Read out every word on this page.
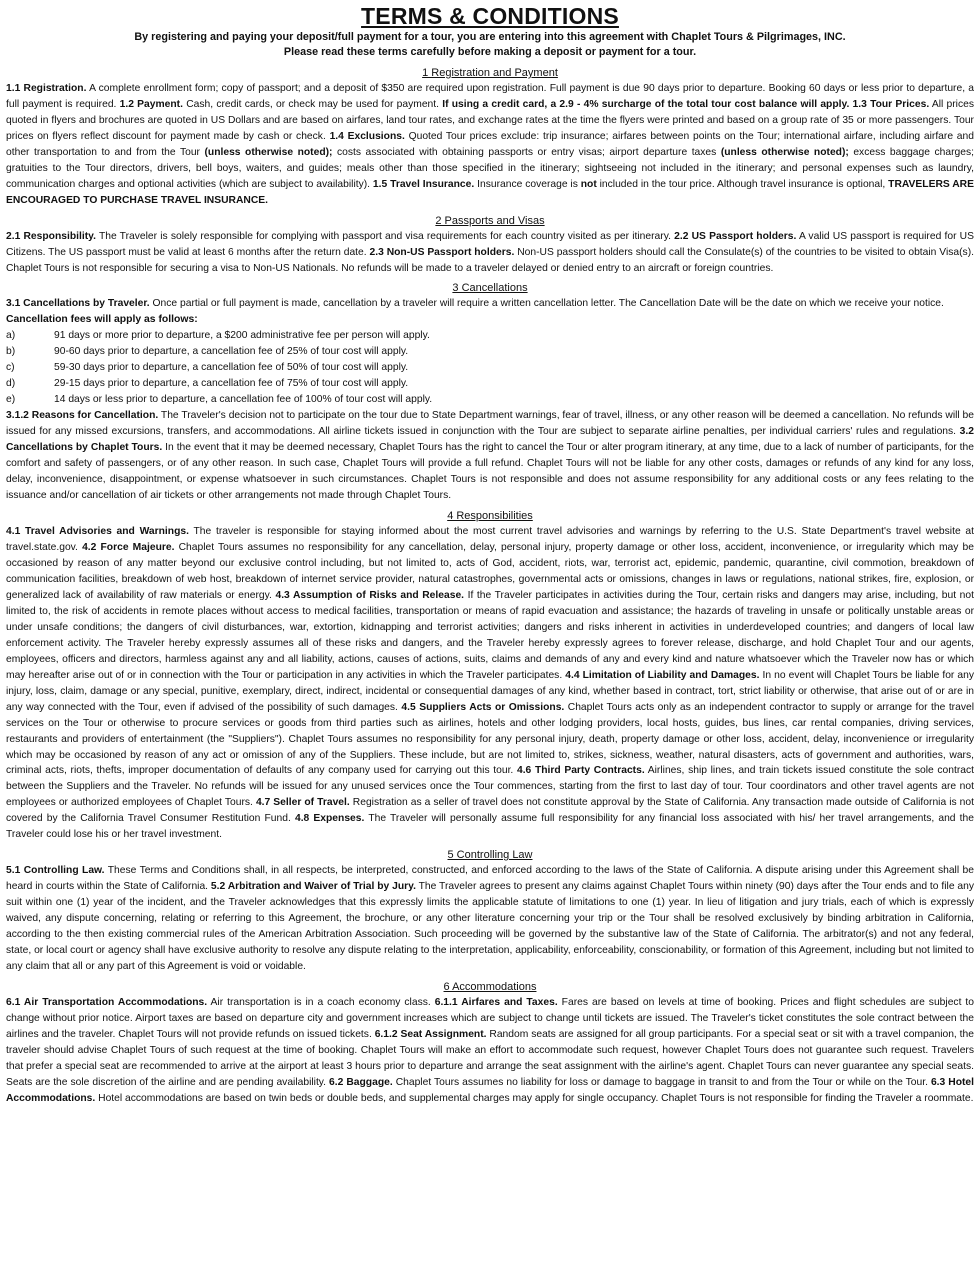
TERMS & CONDITIONS
By registering and paying your deposit/full payment for a tour, you are entering into this agreement with Chaplet Tours & Pilgrimages, INC.
Please read these terms carefully before making a deposit or payment for a tour.
1 Registration and Payment

1.1 Registration. A complete enrollment form; copy of passport; and a deposit of $350 are required upon registration. Full payment is due 90 days prior to departure. Booking 60 days or less prior to departure, a full payment is required. 1.2 Payment. Cash, credit cards, or check may be used for payment. If using a credit card, a 2.9 - 4% surcharge of the total tour cost balance will apply. 1.3 Tour Prices. All prices quoted in flyers and brochures are quoted in US Dollars and are based on airfares, land tour rates, and exchange rates at the time the flyers were printed and based on a group rate of 35 or more passengers. Tour prices on flyers reflect discount for payment made by cash or check. 1.4 Exclusions. Quoted Tour prices exclude: trip insurance; airfares between points on the Tour; international airfare, including airfare and other transportation to and from the Tour (unless otherwise noted); costs associated with obtaining passports or entry visas; airport departure taxes (unless otherwise noted); excess baggage charges; gratuities to the Tour directors, drivers, bell boys, waiters, and guides; meals other than those specified in the itinerary; sightseeing not included in the itinerary; and personal expenses such as laundry, communication charges and optional activities (which are subject to availability). 1.5 Travel Insurance. Insurance coverage is not included in the tour price. Although travel insurance is optional, TRAVELERS ARE ENCOURAGED TO PURCHASE TRAVEL INSURANCE.

2 Passports and Visas

2.1 Responsibility. The Traveler is solely responsible for complying with passport and visa requirements for each country visited as per itinerary. 2.2 US Passport holders. A valid US passport is required for US Citizens. The US passport must be valid at least 6 months after the return date. 2.3 Non-US Passport holders. Non-US passport holders should call the Consulate(s) of the countries to be visited to obtain Visa(s). Chaplet Tours is not responsible for securing a visa to Non-US Nationals. No refunds will be made to a traveler delayed or denied entry to an aircraft or foreign countries.

3 Cancellations

3.1 Cancellations by Traveler. Once partial or full payment is made, cancellation by a traveler will require a written cancellation letter. The Cancellation Date will be the date on which we receive your notice.

Cancellation fees will apply as follows:
a)	91 days or more prior to departure, a $200 administrative fee per person will apply.
b)	90-60 days prior to departure, a cancellation fee of 25% of tour cost will apply.
c)	59-30 days prior to departure, a cancellation fee of 50% of tour cost will apply.
d)	29-15 days prior to departure, a cancellation fee of 75% of tour cost will apply.
e)	14 days or less prior to departure, a cancellation fee of 100% of tour cost will apply.

3.1.2 Reasons for Cancellation. The Traveler's decision not to participate on the tour due to State Department warnings, fear of travel, illness, or any other reason will be deemed a cancellation. No refunds will be issued for any missed excursions, transfers, and accommodations. All airline tickets issued in conjunction with the Tour are subject to separate airline penalties, per individual carriers' rules and regulations. 3.2 Cancellations by Chaplet Tours. In the event that it may be deemed necessary, Chaplet Tours has the right to cancel the Tour or alter program itinerary, at any time, due to a lack of number of participants, for the comfort and safety of passengers, or of any other reason. In such case, Chaplet Tours will provide a full refund. Chaplet Tours will not be liable for any other costs, damages or refunds of any kind for any loss, delay, inconvenience, disappointment, or expense whatsoever in such circumstances. Chaplet Tours is not responsible and does not assume responsibility for any additional costs or any fees relating to the issuance and/or cancellation of air tickets or other arrangements not made through Chaplet Tours.

4 Responsibilities

4.1 Travel Advisories and Warnings. The traveler is responsible for staying informed about the most current travel advisories and warnings by referring to the U.S. State Department's travel website at travel.state.gov. 4.2 Force Majeure. Chaplet Tours assumes no responsibility for any cancellation, delay, personal injury, property damage or other loss, accident, inconvenience, or irregularity which may be occasioned by reason of any matter beyond our exclusive control including, but not limited to, acts of God, accident, riots, war, terrorist act, epidemic, pandemic, quarantine, civil commotion, breakdown of communication facilities, breakdown of web host, breakdown of internet service provider, natural catastrophes, governmental acts or omissions, changes in laws or regulations, national strikes, fire, explosion, or generalized lack of availability of raw materials or energy. 4.3 Assumption of Risks and Release. If the Traveler participates in activities during the Tour, certain risks and dangers may arise, including, but not limited to, the risk of accidents in remote places without access to medical facilities, transportation or means of rapid evacuation and assistance; the hazards of traveling in unsafe or politically unstable areas or under unsafe conditions; the dangers of civil disturbances, war, extortion, kidnapping and terrorist activities; dangers and risks inherent in activities in underdeveloped countries; and dangers of local law enforcement activity. The Traveler hereby expressly assumes all of these risks and dangers, and the Traveler hereby expressly agrees to forever release, discharge, and hold Chaplet Tour and our agents, employees, officers and directors, harmless against any and all liability, actions, causes of actions, suits, claims and demands of any and every kind and nature whatsoever which the Traveler now has or which may hereafter arise out of or in connection with the Tour or participation in any activities in which the Traveler participates. 4.4 Limitation of Liability and Damages. In no event will Chaplet Tours be liable for any injury, loss, claim, damage or any special, punitive, exemplary, direct, indirect, incidental or consequential damages of any kind, whether based in contract, tort, strict liability or otherwise, that arise out of or are in any way connected with the Tour, even if advised of the possibility of such damages. 4.5 Suppliers Acts or Omissions. Chaplet Tours acts only as an independent contractor to supply or arrange for the travel services on the Tour or otherwise to procure services or goods from third parties such as airlines, hotels and other lodging providers, local hosts, guides, bus lines, car rental companies, driving services, restaurants and providers of entertainment (the "Suppliers"). Chaplet Tours assumes no responsibility for any personal injury, death, property damage or other loss, accident, delay, inconvenience or irregularity which may be occasioned by reason of any act or omission of any of the Suppliers. These include, but are not limited to, strikes, sickness, weather, natural disasters, acts of government and authorities, wars, criminal acts, riots, thefts, improper documentation of defaults of any company used for carrying out this tour. 4.6 Third Party Contracts. Airlines, ship lines, and train tickets issued constitute the sole contract between the Suppliers and the Traveler. No refunds will be issued for any unused services once the Tour commences, starting from the first to last day of tour. Tour coordinators and other travel agents are not employees or authorized employees of Chaplet Tours. 4.7 Seller of Travel. Registration as a seller of travel does not constitute approval by the State of California. Any transaction made outside of California is not covered by the California Travel Consumer Restitution Fund. 4.8 Expenses. The Traveler will personally assume full responsibility for any financial loss associated with his/ her travel arrangements, and the Traveler could lose his or her travel investment.

5 Controlling Law

5.1 Controlling Law. These Terms and Conditions shall, in all respects, be interpreted, constructed, and enforced according to the laws of the State of California. A dispute arising under this Agreement shall be heard in courts within the State of California. 5.2 Arbitration and Waiver of Trial by Jury. The Traveler agrees to present any claims against Chaplet Tours within ninety (90) days after the Tour ends and to file any suit within one (1) year of the incident, and the Traveler acknowledges that this expressly limits the applicable statute of limitations to one (1) year. In lieu of litigation and jury trials, each of which is expressly waived, any dispute concerning, relating or referring to this Agreement, the brochure, or any other literature concerning your trip or the Tour shall be resolved exclusively by binding arbitration in California, according to the then existing commercial rules of the American Arbitration Association. Such proceeding will be governed by the substantive law of the State of California. The arbitrator(s) and not any federal, state, or local court or agency shall have exclusive authority to resolve any dispute relating to the interpretation, applicability, enforceability, conscionability, or formation of this Agreement, including but not limited to any claim that all or any part of this Agreement is void or voidable.

6 Accommodations

6.1 Air Transportation Accommodations. Air transportation is in a coach economy class. 6.1.1 Airfares and Taxes. Fares are based on levels at time of booking. Prices and flight schedules are subject to change without prior notice. Airport taxes are based on departure city and government increases which are subject to change until tickets are issued. The Traveler's ticket constitutes the sole contract between the airlines and the traveler. Chaplet Tours will not provide refunds on issued tickets. 6.1.2 Seat Assignment. Random seats are assigned for all group participants. For a special seat or sit with a travel companion, the traveler should advise Chaplet Tours of such request at the time of booking. Chaplet Tours will make an effort to accommodate such request, however Chaplet Tours does not guarantee such request. Travelers that prefer a special seat are recommended to arrive at the airport at least 3 hours prior to departure and arrange the seat assignment with the airline's agent. Chaplet Tours can never guarantee any special seats. Seats are the sole discretion of the airline and are pending availability. 6.2 Baggage. Chaplet Tours assumes no liability for loss or damage to baggage in transit to and from the Tour or while on the Tour. 6.3 Hotel Accommodations. Hotel accommodations are based on twin beds or double beds, and supplemental charges may apply for single occupancy. Chaplet Tours is not responsible for finding the Traveler a roommate.
